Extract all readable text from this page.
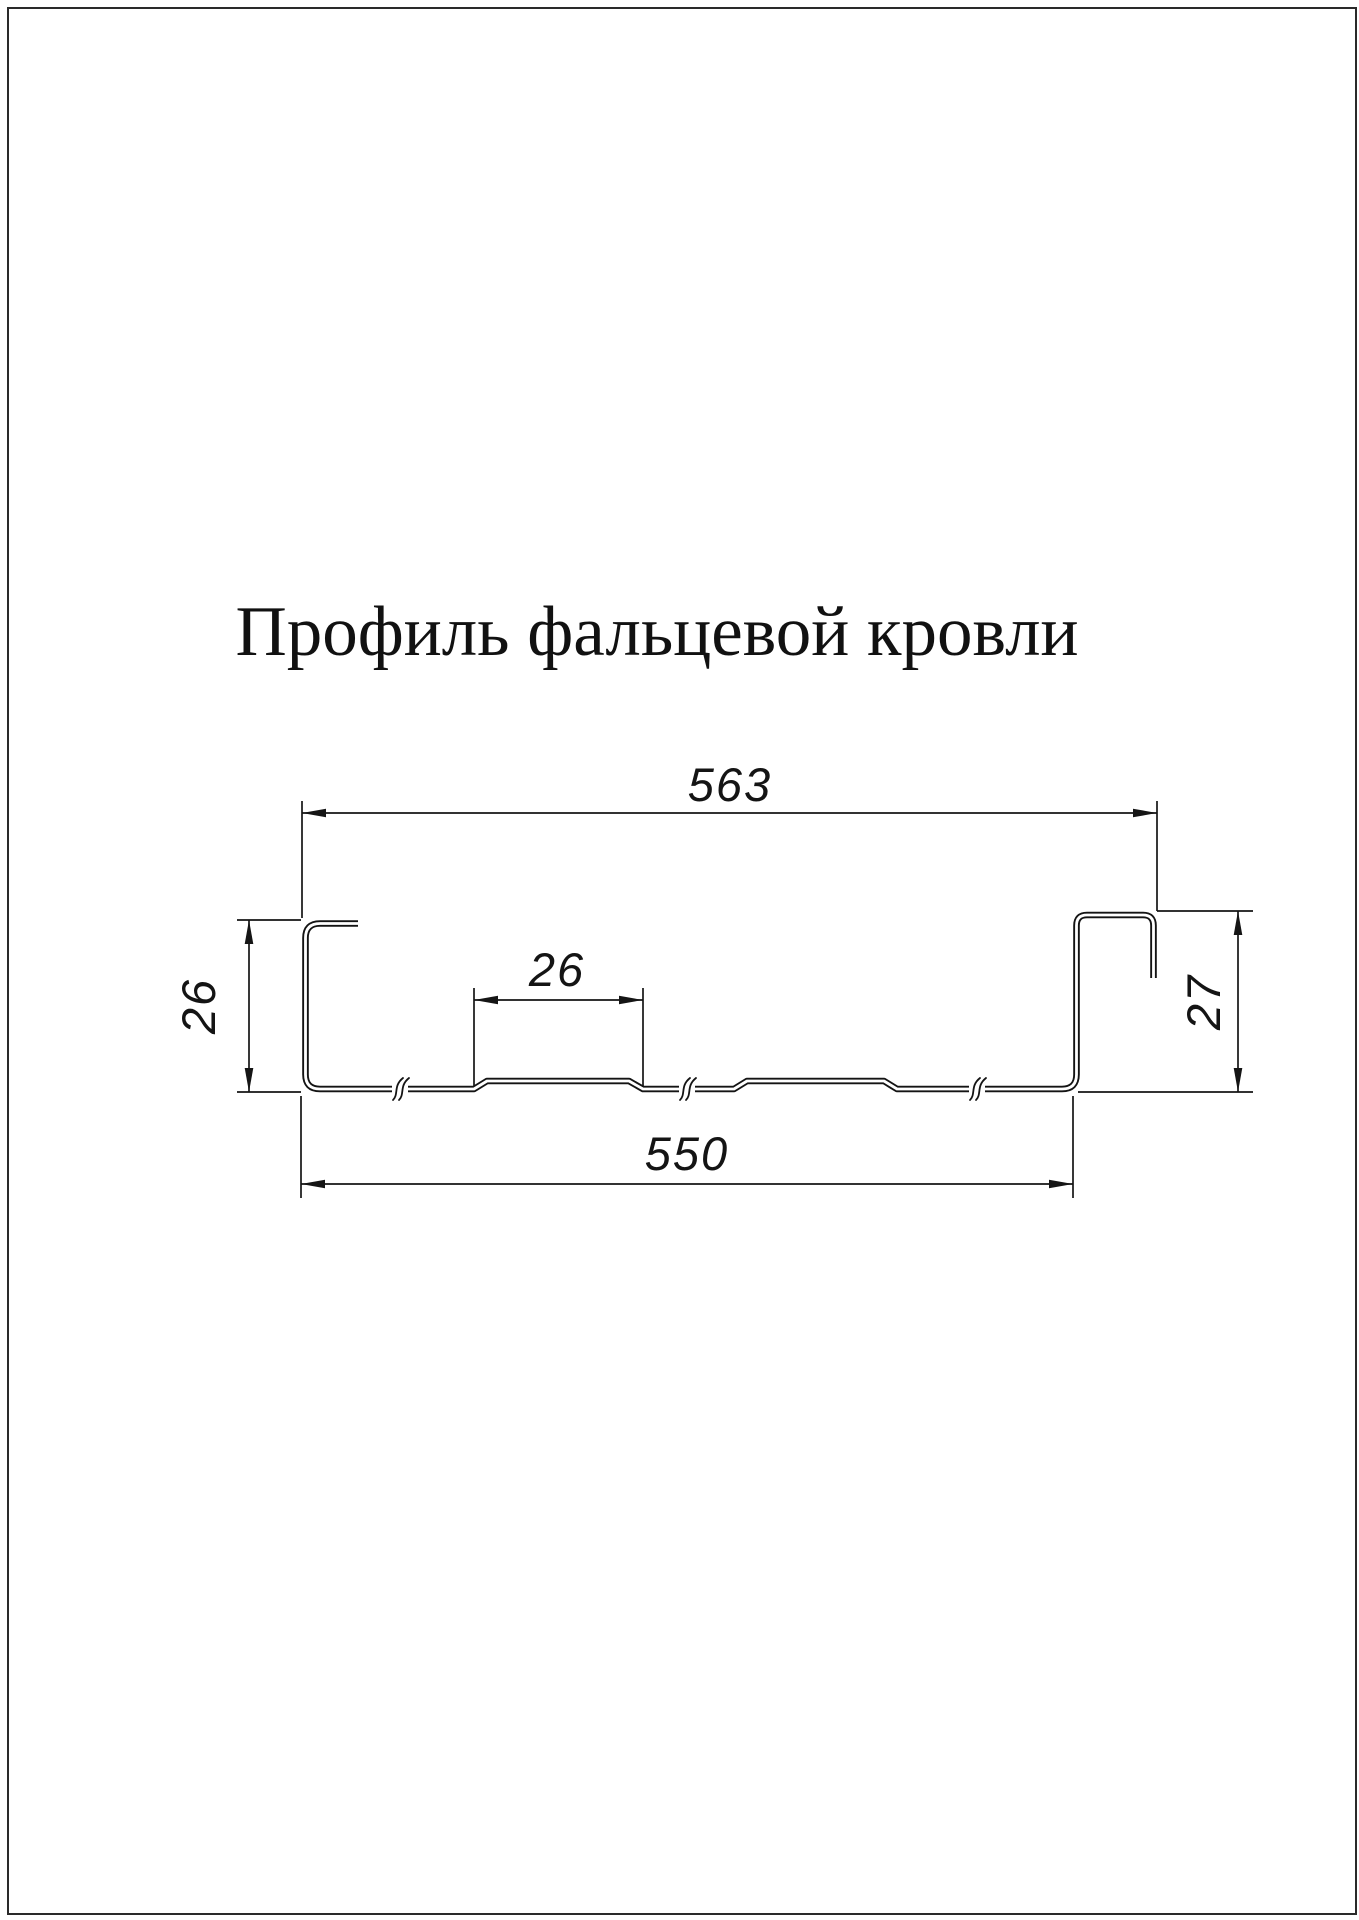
Профиль фальцевой кровли
563
26
26
27
550
